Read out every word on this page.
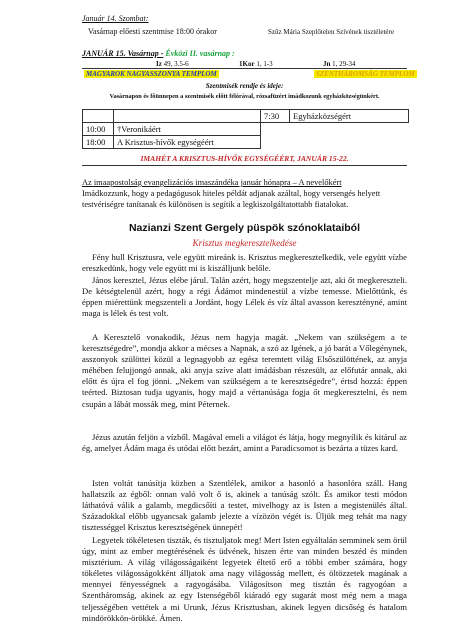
Január 14. Szombat:
Vasárnap előesti szentmise 18:00 órakor	Szűz Mária Szeplőtelen Szívének tisztéletére
JANUÁR 15. Vasárnap - Évközi II. vasárnap :
Iz 49, 3.5-6	1Kor 1, 1-3	Jn 1, 29-34
MAGYAROK NAGYASSZONYA TEMPLOM	SZENTHÁROMSÁG TEMPLOM
Szentmisék rendje és ideje:
Vasárnapon és főünnepen a szentmisék előtt félórával, rózsafüzért imádkozunk egyházközségünkért.
		7:30	Egyházközségért
10:00	†Veronikáért		
18:00	A Krisztus-hívők egységéért		
IMAHÉT A KRISZTUS-HÍVŐK EGYSÉGÉÉRT, JANUÁR 15-22.
Az imaapostolság evangelizációs imaszándéka január hónapra – A nevelőkért
Imádkozzunk, hogy a pedagógusok hiteles példát adjanak azáltal, hogy versengés helyett
testvériségre tanítanak és különösen is segítik a legkiszolgáltatottabb fiatalokat.
Nazianzi Szent Gergely püspök szónoklataiból
Krisztus megkeresztelkedése
Fény hull Krisztusra, vele együtt mireánk is. Krisztus megkeresztelkedik, vele együtt vízbe ereszkedünk, hogy vele együtt mi is kiszálljunk belőle.
János keresztel, Jézus elébe járul. Talán azért, hogy megszentelje azt, aki őt megkereszteli. De kétségtelenül azért, hogy a régi Ádámot mindenestül a vízbe temesse. Mielőttünk, és éppen miérettünk megszenteli a Jordánt, hogy Lélek és víz által avasson keresztényné, amint maga is lélek és test volt.
A Keresztelő vonakodik, Jézus nem hagyja magát. „Nekem van szükségem a te keresztségedre”, mondja akkor a mécses a Napnak, a szó az Igének, a jó barát a Vőlegénynek, asszonyok szülöttei közül a legnagyobb az egész teremtett világ Elsőszülöttének, az anyja méhében felujjongó annak, aki anyja szíve alatt imádásban részesült, az előfutár annak, aki előtt és újra el fog jönni. „Nekem van szükségem a te keresztségedre”, értsd hozzá: éppen teérted. Biztosan tudja ugyanis, hogy majd a vértanúsága fogja őt megkeresztelni, és nem csupán a lábát mossák meg, mint Péternek.
Jézus azután feljön a vízből. Magával emeli a világot és látja, hogy megnyílik és kitárul az ég, amelyet Ádám maga és utódai előtt bezárt, amint a Paradicsomot is bezárta a tüzes kard.
Isten voltát tanúsítja közben a Szentlélek, amikor a hasonló a hasonlóra száll. Hang hallatszik az égből: onnan való volt ő is, akinek a tanúság szólt. És amikor testi módon láthatóvá válik a galamb, megdicsőíti a testet, mivelhogy az is Isten a megistenülés által. Századokkal előbb ugyancsak galamb jelezte a vízözön végét is. Üljük meg tehát ma nagy tisztességgel Krisztus keresztségének ünnepét!
Legyetek tökéletesen tiszták, és tisztuljatok meg! Mert Isten egyáltalán semminek sem örül úgy, mint az ember megtérésének és üdvének, hiszen érte van minden beszéd és minden misztérium. A világ világosságaiként legyetek éltető erő a többi ember számára, hogy tökéletes világosságokként álljatok ama nagy világosság mellett, és öltözzetek magának a mennyei fényességnek a ragyogásába. Világosítson meg tisztán és ragyogóan a Szentháromság, akinek az egy Istenségéből kiáradó egy sugarát most még nem a maga teljességében vettétek a mi Urunk, Jézus Krisztusban, akinek legyen dicsőség és hatalom mindörökkön-örökké. Ámen.
